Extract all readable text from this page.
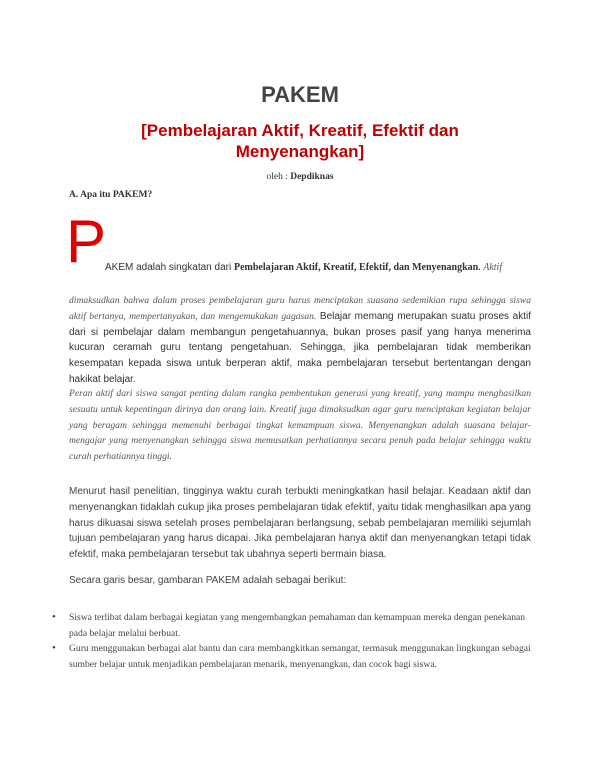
PAKEM
[Pembelajaran Aktif, Kreatif, Efektif dan Menyenangkan]
oleh : Depdiknas
A. Apa itu PAKEM?
P
AKEM adalah singkatan dari Pembelajaran Aktif, Kreatif, Efektif, dan Menyenangkan. Aktif
dimaksudkan bahwa dalam proses pembelajaran guru harus menciptakan suasana sedemikian rupa sehingga siswa aktif bertanya, mempertanyakan, dan mengemukakan gagasan. Belajar memang merupakan suatu proses aktif dari si pembelajar dalam membangun pengetahuannya, bukan proses pasif yang hanya menerima kucuran ceramah guru tentang pengetahuan. Sehingga, jika pembelajaran tidak memberikan kesempatan kepada siswa untuk berperan aktif, maka pembelajaran tersebut bertentangan dengan hakikat belajar.
Peran aktif dari siswa sangat penting dalam rangka pembentukan generasi yang kreatif, yang mampu menghasilkan sesuatu untuk kepentingan dirinya dan orang lain. Kreatif juga dimaksudkan agar guru menciptakan kegiatan belajar yang beragam sehingga memenuhi berbagai tingkat kemampuan siswa. Menyenangkan adalah suasana belajar-mengajar yang menyenangkan sehingga siswa memusatkan perhatiannya secara penuh pada belajar sehingga waktu curah perhatiannya tinggi.
Menurut hasil penelitian, tingginya waktu curah terbukti meningkatkan hasil belajar. Keadaan aktif dan menyenangkan tidaklah cukup jika proses pembelajaran tidak efektif, yaitu tidak menghasilkan apa yang harus dikuasai siswa setelah proses pembelajaran berlangsung, sebab pembelajaran memiliki sejumlah tujuan pembelajaran yang harus dicapai. Jika pembelajaran hanya aktif dan menyenangkan tetapi tidak efektif, maka pembelajaran tersebut tak ubahnya seperti bermain biasa.
Secara garis besar, gambaran PAKEM adalah sebagai berikut:
• Siswa terlibat dalam berbagai kegiatan yang mengembangkan pemahaman dan kemampuan mereka dengan penekanan pada belajar melalui berbuat.
• Guru menggunakan berbagai alat bantu dan cara membangkitkan semangat, termasuk menggunakan lingkungan sebagai sumber belajar untuk menjadikan pembelajaran menarik, menyenangkan, dan cocok bagi siswa.
